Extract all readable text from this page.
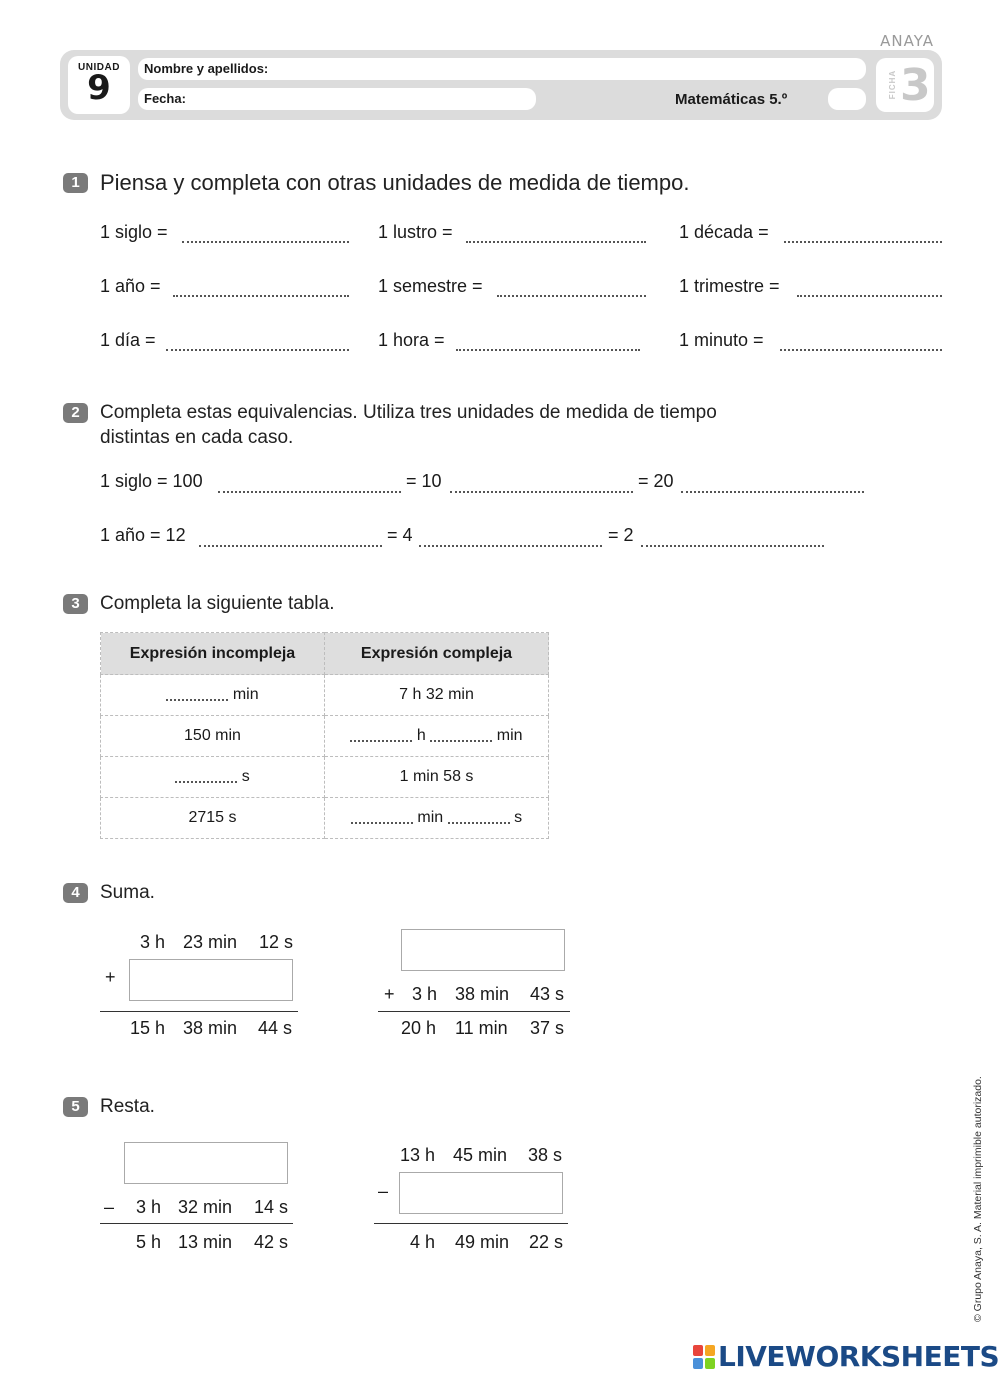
ANAYA
UNIDAD
9	Nombre y apellidos:
Fecha:	Matemáticas 5.º
FICHA 3
1 Piensa y completa con otras unidades de medida de tiempo.
1 siglo =	1 lustro =	1 década =
1 año =	1 semestre =	1 trimestre =
1 día =	1 hora =	1 minuto =
2	Completa estas equivalencias. Utiliza tres unidades de medida de tiempo
distintas en cada caso.
1 siglo = 100	= 10	= 20
1 año = 12	= 4	= 2
3	Completa la siguiente tabla.
Expresión incompleja	Expresión compleja
min	7 h 32 min
150 min	h min
s	1 min 58 s
2715 s	min s
4	Suma.
3 h 23 min 12 s
+
15 h 38 min 44 s
+ 3 h 38 min 43 s
20 h 11 min 37 s
5	Resta.
– 3 h 32 min 14 s
5 h 13 min 42 s
13 h 45 min 38 s
–
4 h 49 min 22 s	© Grupo Anaya, S. A. Material imprimible autorizado.
LIVEWORKSHEETS
